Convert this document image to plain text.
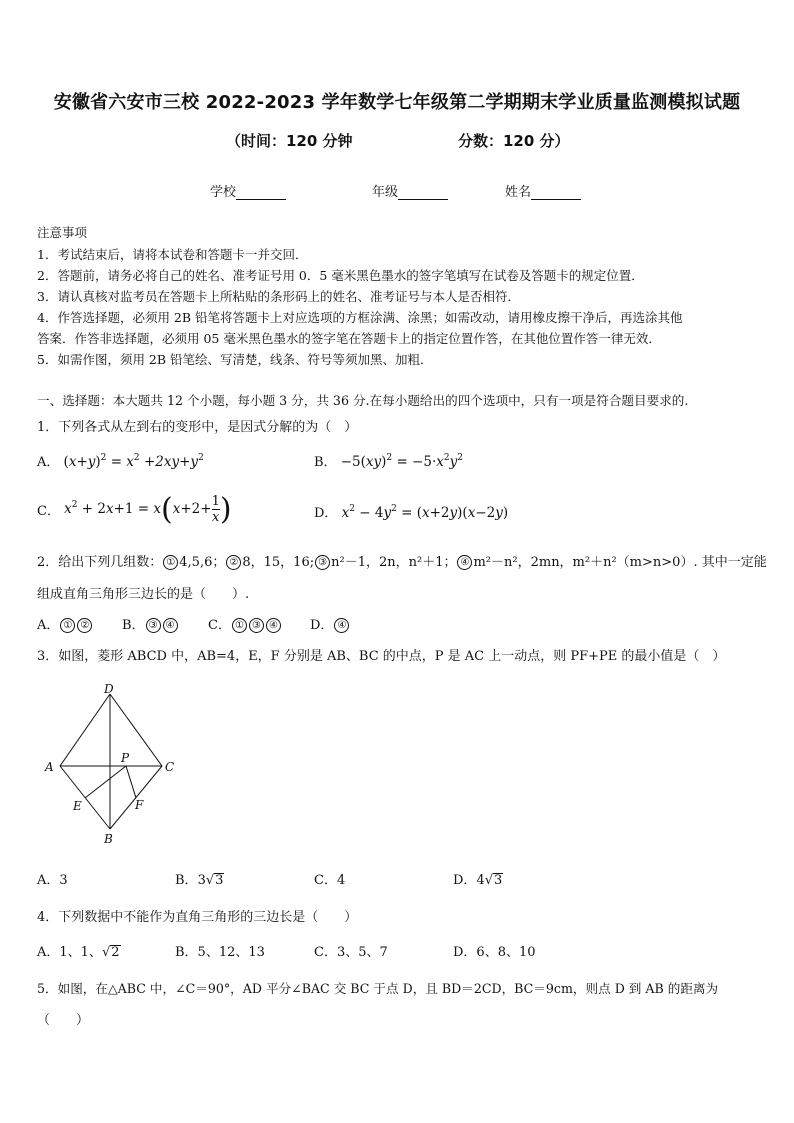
安徽省六安市三校 2022-2023 学年数学七年级第二学期期末学业质量监测模拟试题
（时间：120 分钟	分数：120 分）
学校	年级	姓名
注意事项
1．考试结束后，请将本试卷和答题卡一并交回．
2．答题前，请务必将自己的姓名、准考证号用 0．5 毫米黑色墨水的签字笔填写在试卷及答题卡的规定位置．
3．请认真核对监考员在答题卡上所粘贴的条形码上的姓名、准考证号与本人是否相符．
4．作答选择题，必须用 2B 铅笔将答题卡上对应选项的方框涂满、涂黑；如需改动，请用橡皮擦干净后，再选涂其他
答案．作答非选择题，必须用 05 毫米黑色墨水的签字笔在答题卡上的指定位置作答，在其他位置作答一律无效．
5．如需作图，须用 2B 铅笔绘、写清楚，线条、符号等须加黑、加粗．
一、选择题：本大题共 12 个小题，每小题 3 分，共 36 分.在每小题给出的四个选项中，只有一项是符合题目要求的.
1．下列各式从左到右的变形中，是因式分解的为（　）
A． $(x+y)^2 = x^2 +2xy+y^2$	B． $-5(xy)^2 = -5\cdot x^2y^2$
C． $x^2 + 2x+1 = x(x+2+ \frac{1}{x}$ )	D． $x^2 - 4y^2 = (x+2y)(x-2y)$
2．给出下列几组数： ① 4,5,6； ② 8，15，16; ③ n²－1，2n，n²＋1； ④ m²－n²，2mn，m²＋n²（m>n>0）. 其中一定能
组成直角三角形三边长的是（　　）.
A． ① ②	B． ③ ④	C． ① ③ ④	D． ④
3．如图，菱形 ABCD 中，AB=4，E，F 分别是 AB、BC 的中点，P 是 AC 上一动点，则 PF+PE 的最小值是（　）
D
A	C
P
E	F
B
A．3	B．3√3	C．4	D．4√3
4．下列数据中不能作为直角三角形的三边长是（　　）
A．1、1、√2	B．5、12、13	C．3、5、7	D．6、8、10
5．如图，在△ABC 中，∠C＝90°，AD 平分∠BAC 交 BC 于点 D，且 BD＝2CD，BC＝9cm，则点 D 到 AB 的距离为
（　　）
